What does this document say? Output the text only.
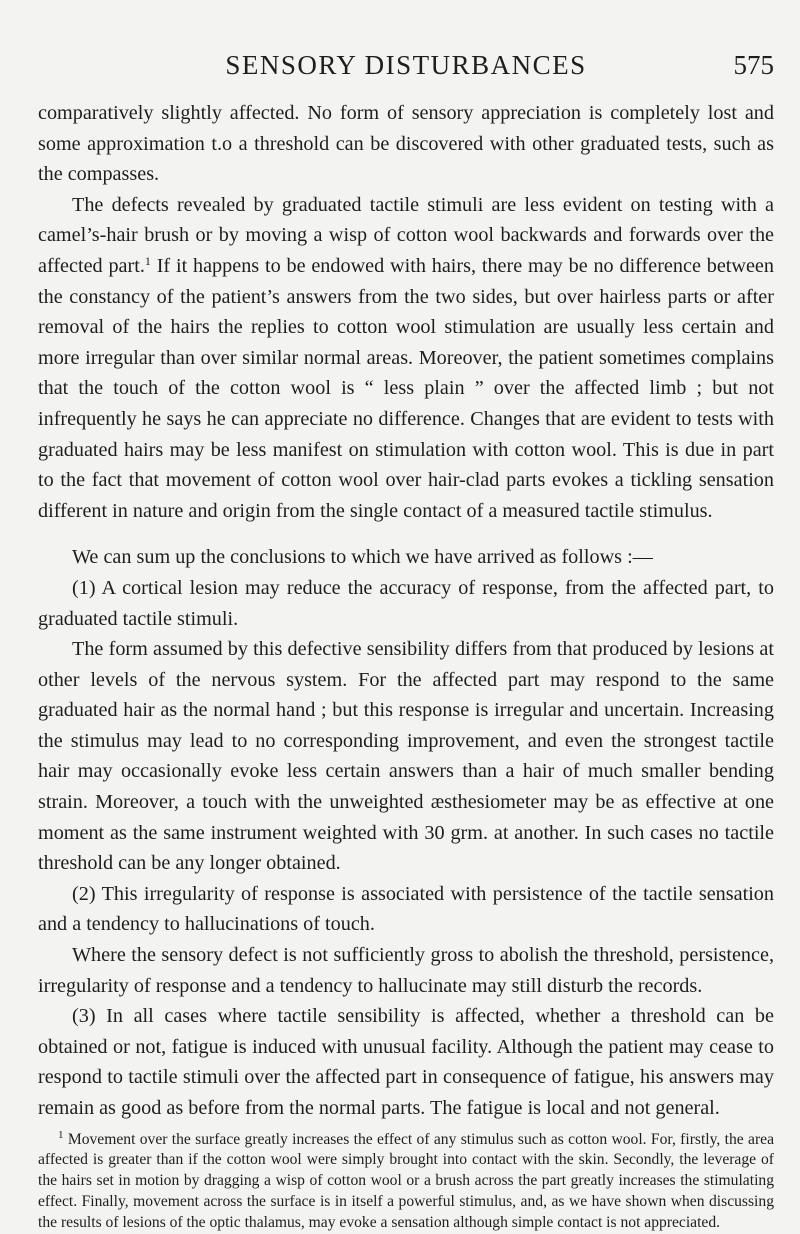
SENSORY DISTURBANCES	575

comparatively slightly affected. No form of sensory appreciation is completely lost and some approximation t.o a threshold can be discovered with other graduated tests, such as the compasses.

The defects revealed by graduated tactile stimuli are less evident on testing with a camel’s-hair brush or by moving a wisp of cotton wool backwards and forwards over the affected part.$^1$ If it happens to be endowed with hairs, there may be no difference between the constancy of the patient’s answers from the two sides, but over hairless parts or after removal of the hairs the replies to cotton wool stimulation are usually less certain and more irregular than over similar normal areas. Moreover, the patient sometimes complains that the touch of the cotton wool is “ less plain ” over the affected limb ; but not infrequently he says he can appreciate no difference. Changes that are evident to tests with graduated hairs may be less manifest on stimulation with cotton wool. This is due in part to the fact that movement of cotton wool over hair-clad parts evokes a tickling sensation different in nature and origin from the single contact of a measured tactile stimulus.

We can sum up the conclusions to which we have arrived as follows :—

(1) A cortical lesion may reduce the accuracy of response, from the affected part, to graduated tactile stimuli.

The form assumed by this defective sensibility differs from that produced by lesions at other levels of the nervous system. For the affected part may respond to the same graduated hair as the normal hand ; but this response is irregular and uncertain. Increasing the stimulus may lead to no corresponding improvement, and even the strongest tactile hair may occasionally evoke less certain answers than a hair of much smaller bending strain. Moreover, a touch with the unweighted æsthesiometer may be as effective at one moment as the same instrument weighted with 30 grm. at another. In such cases no tactile threshold can be any longer obtained.

(2) This irregularity of response is associated with persistence of the tactile sensation and a tendency to hallucinations of touch.

Where the sensory defect is not sufficiently gross to abolish the threshold, persistence, irregularity of response and a tendency to hallucinate may still disturb the records.

(3) In all cases where tactile sensibility is affected, whether a threshold can be obtained or not, fatigue is induced with unusual facility. Although the patient may cease to respond to tactile stimuli over the affected part in consequence of fatigue, his answers may remain as good as before from the normal parts. The fatigue is local and not general.

$^1$ Movement over the surface greatly increases the effect of any stimulus such as cotton wool. For, firstly, the area affected is greater than if the cotton wool were simply brought into contact with the skin. Secondly, the leverage of the hairs set in motion by dragging a wisp of cotton wool or a brush across the part greatly increases the stimulating effect. Finally, movement across the surface is in itself a powerful stimulus, and, as we have shown when discussing the results of lesions of the optic thalamus, may evoke a sensation although simple contact is not appreciated.
